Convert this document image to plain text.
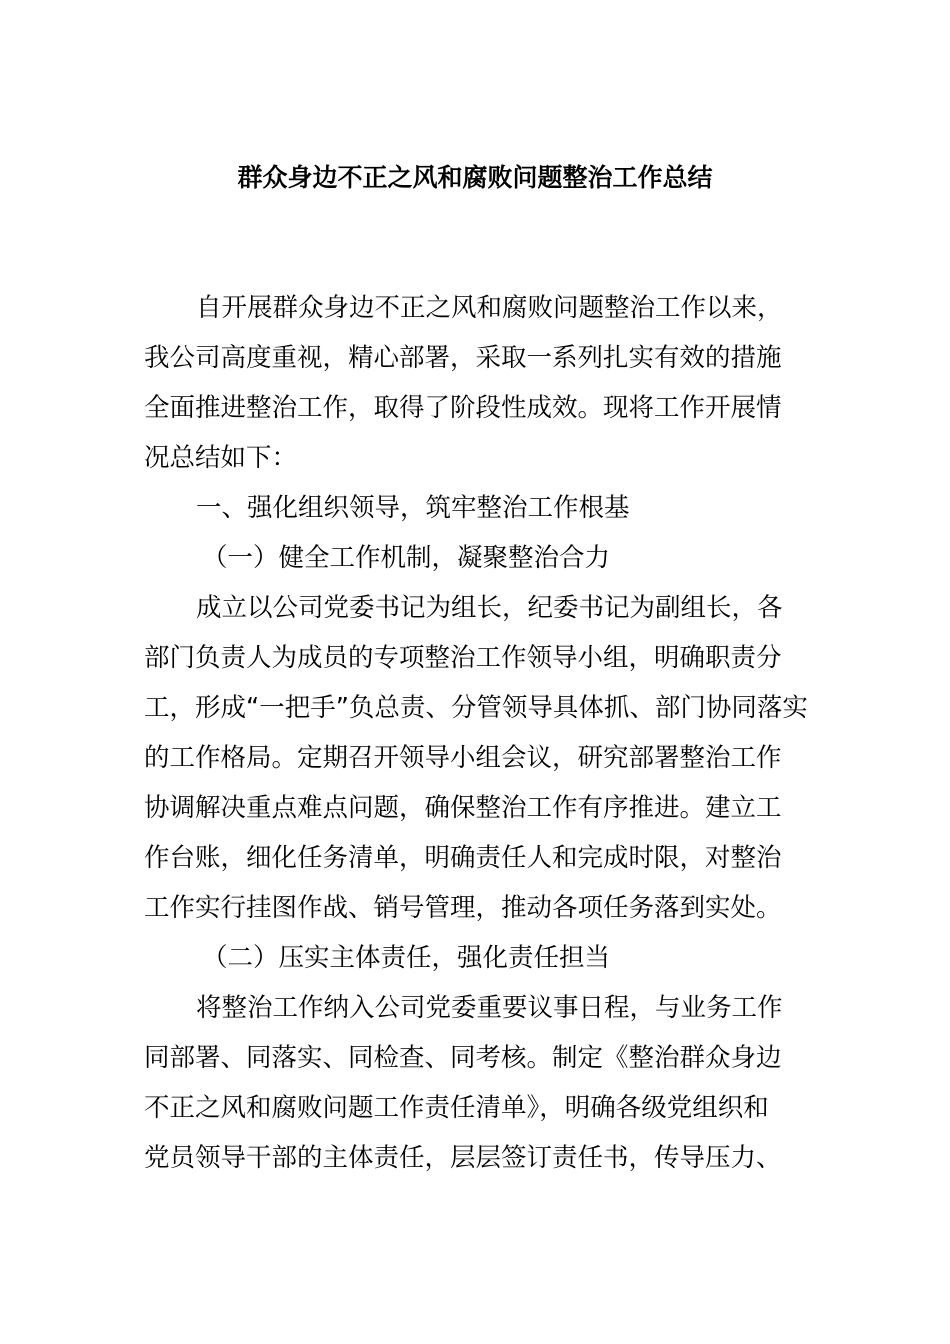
群众身边不正之风和腐败问题整治工作总结
自开展群众身边不正之风和腐败问题整治工作以来，
我公司高度重视，精心部署，采取一系列扎实有效的措施
全面推进整治工作，取得了阶段性成效。现将工作开展情
况总结如下：
一、强化组织领导，筑牢整治工作根基
（一）健全工作机制，凝聚整治合力
成立以公司党委书记为组长，纪委书记为副组长，各
部门负责人为成员的专项整治工作领导小组，明确职责分
工，形成“一把手”负总责、分管领导具体抓、部门协同落实
的工作格局。定期召开领导小组会议，研究部署整治工作
协调解决重点难点问题，确保整治工作有序推进。建立工
作台账，细化任务清单，明确责任人和完成时限，对整治
工作实行挂图作战、销号管理，推动各项任务落到实处。
（二）压实主体责任，强化责任担当
将整治工作纳入公司党委重要议事日程，与业务工作
同部署、同落实、同检查、同考核。制定《整治群众身边
不正之风和腐败问题工作责任清单》，明确各级党组织和
党员领导干部的主体责任，层层签订责任书，传导压力、
